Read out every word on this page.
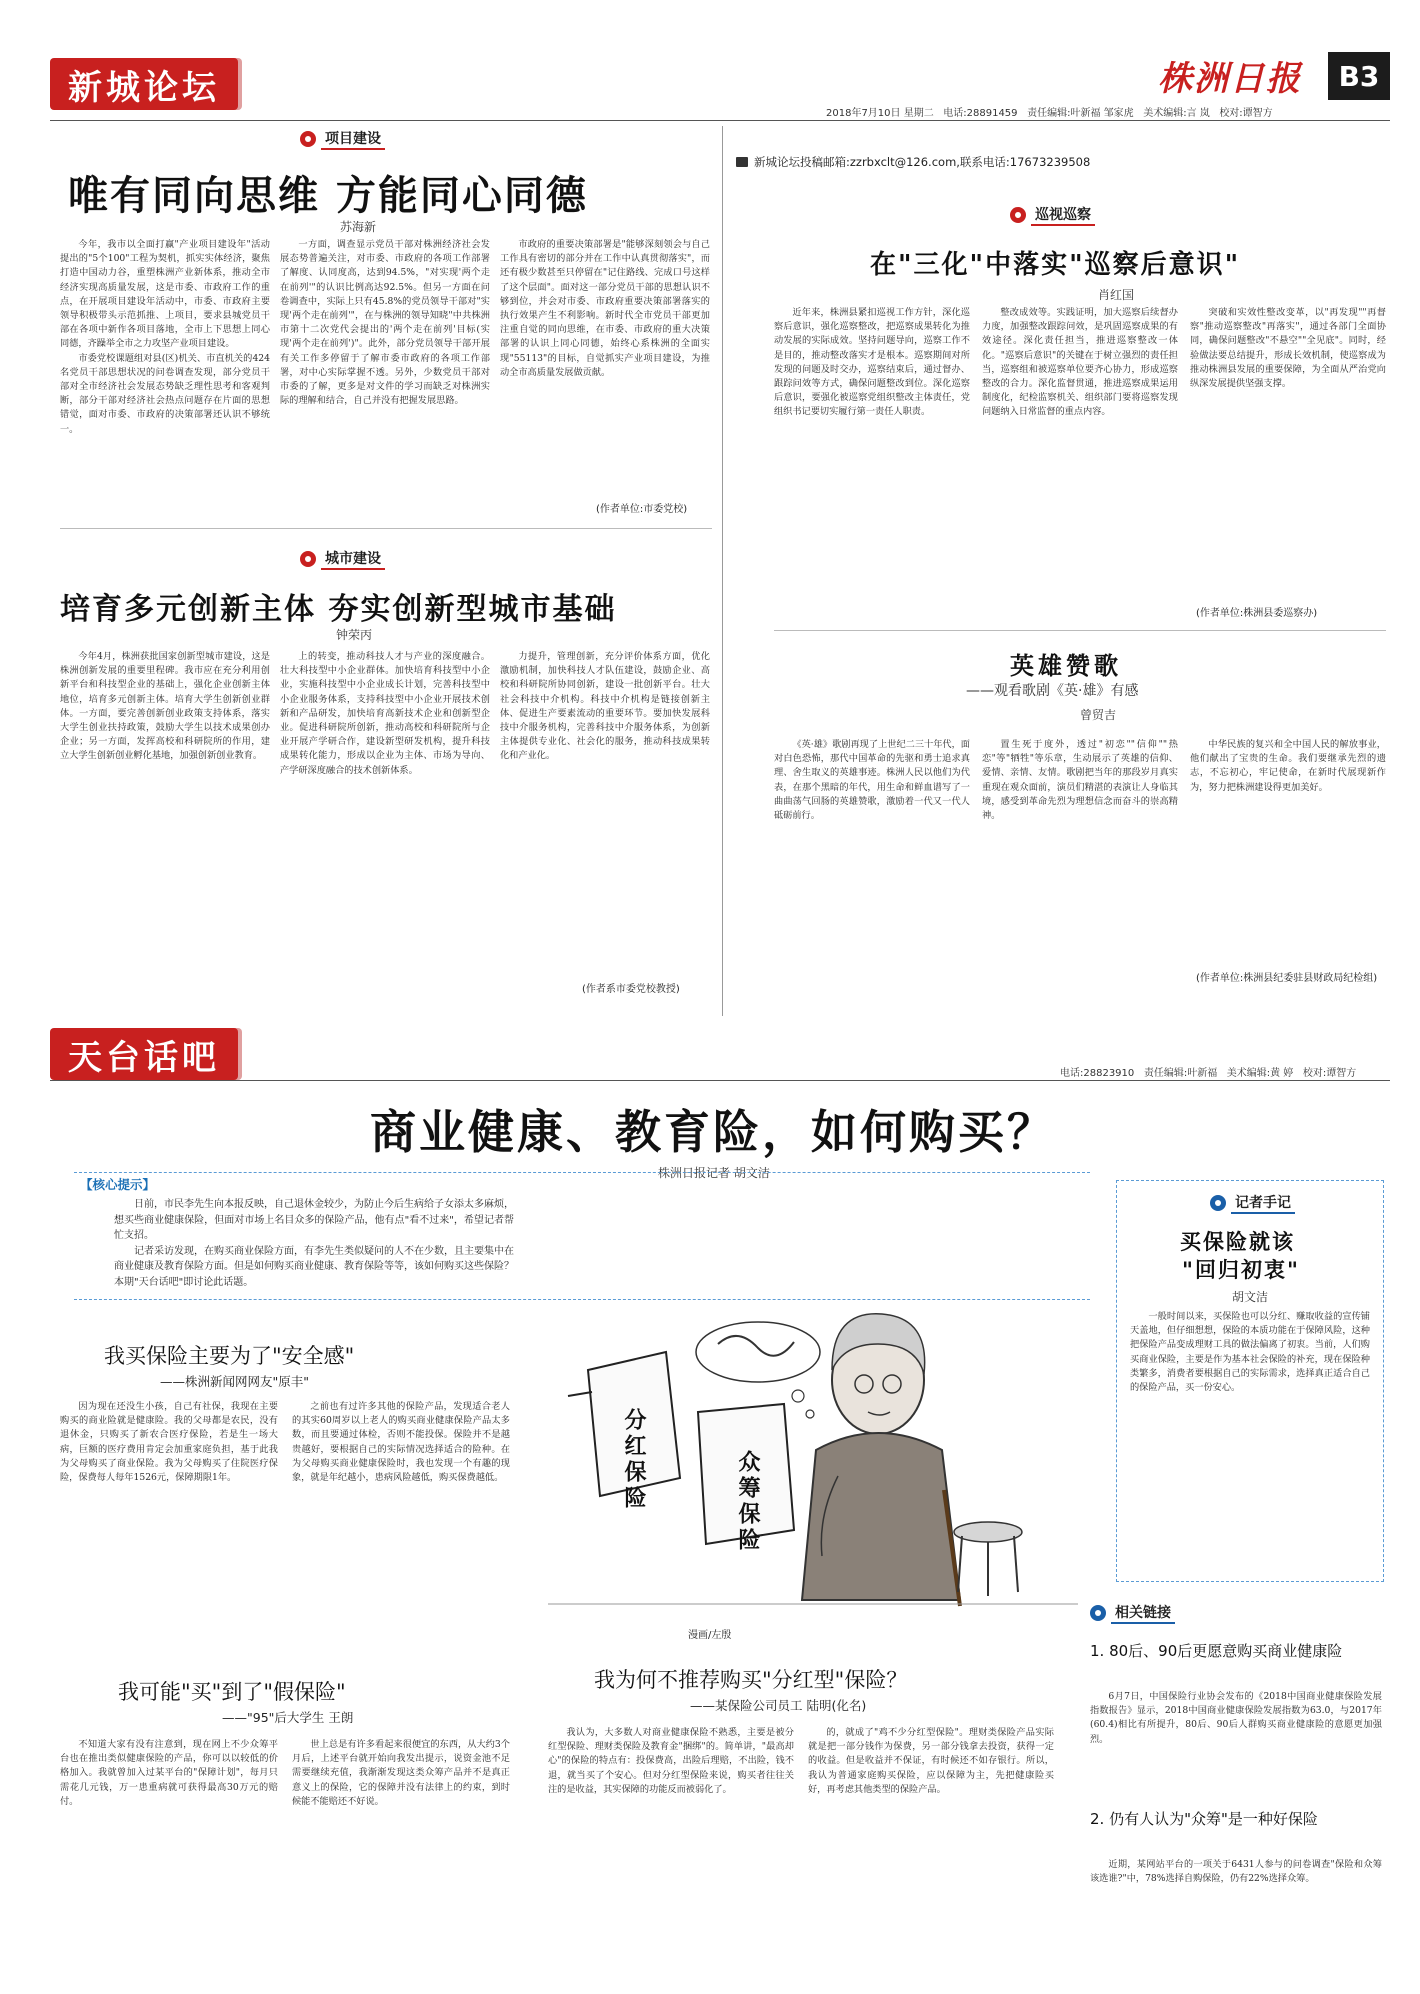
新城论坛	株洲日报 B3
2018年7月10日 星期二 电话:28891459 责任编辑:叶新福 邹家虎 美术编辑:言 岚 校对:谭智方
项目建设
唯有同向思维 方能同心同德
苏海新

今年，我市以全面打赢"产业项目建设年"活动提出的"5个100"工程为契机，抓实实体经济，聚焦打造中国动力谷，重塑株洲产业新体系，推动全市经济实现高质量发展，这是市委、市政府工作的重点，在开展项目建设年活动中，市委、市政府主要领导积极带头示范抓推、上项目，要求县城党员干部在各项中新作各项目落地，全市上下思想上同心同德，齐躁举全市之力攻坚产业项目建设。

市委党校课题组对县(区)机关、市直机关的424名党员干部思想状况的问卷调查发现，部分党员干部对全市经济社会发展态势缺乏理性思考和客观判断，部分干部对经济社会热点问题存在片面的思想错觉，面对市委、市政府的决策部署还认识不够统一。

一方面，调查显示党员干部对株洲经济社会发展态势普遍关注，对市委、市政府的各项工作部署了解度、认同度高，达到94.5%，"对实现'两个走在前列'"的认识比例高达92.5%。但另一方面在问卷调查中，实际上只有45.8%的党员领导干部对"实现'两个走在前列'"，在与株洲的领导知晓"中共株洲市第十二次党代会提出的'两个走在前列'目标(实现'两个走在前列')"。此外，部分党员领导干部开展有关工作多停留于了解市委市政府的各项工作部署，对中心实际掌握不透。另外，少数党员干部对市委的了解，更多是对文件的学习而缺乏对株洲实际的理解和结合，自己并没有把握发展思路。

市政府的重要决策部署是"能够深刻领会与自己工作具有密切的部分并在工作中认真贯彻落实"，而还有极少数甚至只停留在"记住路线、完成口号这样了这个层面"。面对这一部分党员干部的思想认识不够到位，并会对市委、市政府重要决策部署落实的执行效果产生不利影响。新时代全市党员干部更加注重自觉的同向思维，在市委、市政府的重大决策部署的认识上同心同德，始终心系株洲的全面实现"55113"的目标，自觉抓实产业项目建设，为推动全市高质量发展做贡献。

(作者单位:市委党校)
新城论坛投稿邮箱:zzrbxclt@126.com,联系电话:17673239508
巡视巡察
在"三化"中落实"巡察后意识"
肖红国

近年来，株洲县紧扣巡视工作方针，深化巡察后意识，强化巡察整改，把巡察成果转化为推动发展的实际成效。坚持问题导向，巡察工作不是目的，推动整改落实才是根本。巡察期间对所发现的问题及时交办，巡察结束后，通过督办、跟踪问效等方式，确保问题整改到位。深化巡察后意识，要强化被巡察党组织整改主体责任，党组织书记要切实履行第一责任人职责。

整改成效等。实践证明，加大巡察后续督办力度，加强整改跟踪问效，是巩固巡察成果的有效途径。深化责任担当，推进巡察整改一体化。"巡察后意识"的关键在于树立强烈的责任担当，巡察组和被巡察单位要齐心协力，形成巡察整改的合力。深化监督贯通，推进巡察成果运用制度化，纪检监察机关、组织部门要将巡察发现问题纳入日常监督的重点内容。

突破和实效性整改变革，以"再发现""再督察"推动巡察整改"再落实"，通过各部门全面协同，确保问题整改"不悬空""全见底"。同时，经验做法要总结提升，形成长效机制，使巡察成为推动株洲县发展的重要保障，为全面从严治党向纵深发展提供坚强支撑。

(作者单位:株洲县委巡察办)
英雄赞歌
——观看歌剧《英·雄》有感
曾贸吉

《英·雄》歌剧再现了上世纪二三十年代，面对白色恐怖，那代中国革命的先驱和勇士追求真理、舍生取义的英雄事迹。株洲人民以他们为代表，在那个黑暗的年代，用生命和鲜血谱写了一曲曲荡气回肠的英雄赞歌，激励着一代又一代人砥砺前行。

置生死于度外，透过"初恋""信仰""热恋"等"牺牲"等乐章，生动展示了英雄的信仰、爱情、亲情、友情。歌剧把当年的那段岁月真实重现在观众面前，演员们精湛的表演让人身临其境，感受到革命先烈为理想信念而奋斗的崇高精神。

中华民族的复兴和全中国人民的解放事业，他们献出了宝贵的生命。我们要继承先烈的遗志，不忘初心，牢记使命，在新时代展现新作为，努力把株洲建设得更加美好。

(作者单位:株洲县纪委驻县财政局纪检组)
城市建设
培育多元创新主体 夯实创新型城市基础
钟荣丙

今年4月，株洲获批国家创新型城市建设，这是株洲创新发展的重要里程碑。我市应在充分利用创新平台和科技型企业的基础上，强化企业创新主体地位，培育多元创新主体。培育大学生创新创业群体。一方面，要完善创新创业政策支持体系，落实大学生创业扶持政策，鼓励大学生以技术成果创办企业；另一方面，发挥高校和科研院所的作用，建立大学生创新创业孵化基地，加强创新创业教育。

上的转变，推动科技人才与产业的深度融合。壮大科技型中小企业群体。加快培育科技型中小企业，实施科技型中小企业成长计划，完善科技型中小企业服务体系，支持科技型中小企业开展技术创新和产品研发，加快培育高新技术企业和创新型企业。促进科研院所创新，推动高校和科研院所与企业开展产学研合作，建设新型研发机构，提升科技成果转化能力，形成以企业为主体、市场为导向、产学研深度融合的技术创新体系。

力提升，管理创新，充分评价体系方面，优化激励机制，加快科技人才队伍建设，鼓励企业、高校和科研院所协同创新，建设一批创新平台。壮大社会科技中介机构。科技中介机构是链接创新主体、促进生产要素流动的重要环节。要加快发展科技中介服务机构，完善科技中介服务体系，为创新主体提供专业化、社会化的服务，推动科技成果转化和产业化。

(作者系市委党校教授)
天台话吧	电话:28823910 责任编辑:叶新福 美术编辑:黄 婷 校对:谭智方
商业健康、教育险，如何购买？
株洲日报记者 胡文洁
【核心提示】

日前，市民李先生向本报反映，自己退休金较少，为防止今后生病给子女添太多麻烦，想买些商业健康保险，但面对市场上名目众多的保险产品，他有点"看不过来"，希望记者帮忙支招。

记者采访发现，在购买商业保险方面，有李先生类似疑问的人不在少数，且主要集中在商业健康及教育保险方面。但是如何购买商业健康、教育保险等等，该如何购买这些保险？本期"天台话吧"即讨论此话题。

记者手记
买保险就该
"回归初衷"
胡文洁

一般时间以来，买保险也可以分红、赚取收益的宣传铺天盖地，但仔细想想，保险的本质功能在于保障风险，这种把保险产品变成理财工具的做法偏离了初衷。当前，人们购买商业保险，主要是作为基本社会保险的补充，现在保险种类繁多，消费者要根据自己的实际需求，选择真正适合自己的保险产品，买一份安心。

相关链接
1. 80后、90后更愿意购买商业健康险

6月7日，中国保险行业协会发布的《2018中国商业健康保险发展指数报告》显示，2018中国商业健康保险发展指数为63.0，与2017年(60.4)相比有所提升，80后、90后人群购买商业健康险的意愿更加强烈。

2. 仍有人认为"众筹"是一种好保险

近期，某网站平台的一项关于6431人参与的问卷调查"保险和众筹该选谁?"中，78%选择自购保险，仍有22%选择众筹。

我买保险主要为了"安全感"
——株洲新闻网网友"原丰"

因为现在还没生小孩，自己有社保，我现在主要购买的商业险就是健康险。我的父母都是农民，没有退休金，只购买了新农合医疗保险，若是生一场大病，巨额的医疗费用肯定会加重家庭负担，基于此我为父母购买了商业保险。我为父母购买了住院医疗保险，保费每人每年1526元，保障期限1年。

之前也有过许多其他的保险产品，发现适合老人的其实60周岁以上老人的购买商业健康保险产品太多数，而且要通过体检，否则不能投保。保险并不是越贵越好，要根据自己的实际情况选择适合的险种。在为父母购买商业健康保险时，我也发现一个有趣的现象，就是年纪越小，患病风险越低，购买保费越低。

我可能"买"到了"假保险"
——"95"后大学生 王朗

不知道大家有没有注意到，现在网上不少众筹平台也在推出类似健康保险的产品，你可以以较低的价格加入。我就曾加入过某平台的"保障计划"，每月只需花几元钱，万一患重病就可获得最高30万元的赔付。

世上总是有许多看起来很便宜的东西，从大约3个月后，上述平台就开始向我发出提示，说资金池不足需要继续充值，我渐渐发现这类众筹产品并不是真正意义上的保险，它的保障并没有法律上的约束，到时候能不能赔还不好说。

分红保险	众筹保险
漫画/左殷
我为何不推荐购买"分红型"保险？
——某保险公司员工 陆明(化名)

我认为，大多数人对商业健康保险不熟悉，主要是被分红型保险、理财类保险及教育金"捆绑"的。简单讲，"最高却心"的保险的特点有：投保费高，出险后理赔，不出险，钱不退，就当买了个安心。但对分红型保险来说，购买者往往关注的是收益，其实保障的功能反而被弱化了。

的，就成了"鸡不少分红型保险"。理财类保险产品实际就是把一部分钱作为保费，另一部分钱拿去投资，获得一定的收益。但是收益并不保证，有时候还不如存银行。所以，我认为普通家庭购买保险，应以保障为主，先把健康险买好，再考虑其他类型的保险产品。
